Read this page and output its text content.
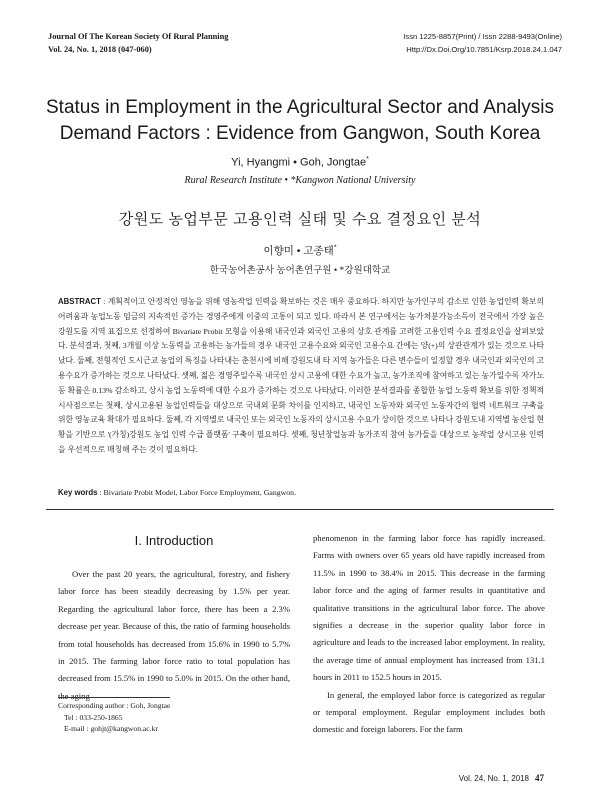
Journal Of The Korean Society Of Rural Planning
Vol. 24, No. 1, 2018 (047-060)
Issn 1225-8857(Print) / Issn 2288-9493(Online)
Http://Dx.Doi.Org/10.7851/Ksrp.2018.24.1.047
Status in Employment in the Agricultural Sector and Analysis
Demand Factors : Evidence from Gangwon, South Korea
Yi, Hyangmi • Goh, Jongtae*
Rural Research Institute • *Kangwon National University
강원도 농업부문 고용인력 실태 및 수요 결정요인 분석
이향미 • 고종태*
한국농어촌공사 농어촌연구원 • *강원대학교
ABSTRACT : 계획적이고 안정적인 영농을 위해 영농작업 인력을 확보하는 것은 매우 중요하다. 하지만 농가인구의 감소로 인한 농업인력 확보의 어려움과 농업노동 임금의 지속적인 증가는 경영주에게 이중의 고통이 되고 있다. 따라서 본 연구에서는 농가처분가능소득이 전국에서 가장 높은 강원도를 지역 표집으로 선정하여 Bivariate Probit 모형을 이용해 내국인과 외국인 고용의 상호 관계를 고려한 고용인력 수요 결정요인을 살펴보았다. 분석결과, 첫째, 3개월 이상 노동력을 고용하는 농가들의 경우 내국인 고용수요와 외국인 고용수요 간에는 양(+)의 상관관계가 있는 것으로 나타났다. 둘째, 전형적인 도시근교 농업의 특징을 나타내는 춘천시에 비해 강원도내 타 지역 농가들은 다른 변수들이 일정할 경우 내국인과 외국인의 고용수요가 증가하는 것으로 나타났다. 셋째, 젊은 경영주일수록 내국인 상시 고용에 대한 수요가 높고, 농가조직에 참여하고 있는 농가일수록 자가노동 확률은 0.13% 감소하고, 상시 농업 노동력에 대한 수요가 증가하는 것으로 나타났다. 이러한 분석결과를 종합한 농업 노동력 확보를 위한 정책적 시사점으로는 첫째, 상시고용된 농업인력들을 대상으로 국내외 문화 차이를 인지하고, 내국인 노동자와 외국인 노동자간의 협력 네트워크 구축을 위한 영농교육 확대가 필요하다. 둘째, 각 지역별로 내국인 또는 외국인 노동자의 상시고용 수요가 상이한 것으로 나타나 강원도내 지역별 농산업 현황을 기반으로 '(가칭)강원도 농업 인력 수급 플랫폼' 구축이 필요하다. 셋째, 청년창업농과 농가조직 참여 농가들을 대상으로 농작업 상시고용 인력을 우선적으로 매칭해 주는 것이 필요하다.
Key words : Bivariate Probit Model, Labor Force Employment, Gangwon.
I. Introduction

Over the past 20 years, the agricultural, forestry, and fishery labor force has been steadily decreasing by 1.5% per year. Regarding the agricultural labor force, there has been a 2.3% decrease per year. Because of this, the ratio of farming households from total households has decreased from 15.6% in 1990 to 5.7% in 2015. The farming labor force ratio to total population has decreased from 15.5% in 1990 to 5.0% in 2015. On the other hand, the aging

phenomenon in the farming labor force has rapidly increased. Farms with owners over 65 years old have rapidly increased from 11.5% in 1990 to 38.4% in 2015. This decrease in the farming labor force and the aging of farmer results in quantitative and qualitative transitions in the agricultural labor force. The above signifies a decrease in the superior quality labor force in agriculture and leads to the increased labor employment. In reality, the average time of annual employment has increased from 131.1 hours in 2011 to 152.5 hours in 2015.

In general, the employed labor force is categorized as regular or temporal employment. Regular employment includes both domestic and foreign laborers. For the farm

Corresponding author : Goh, Jongtae
Tel : 033-250-1865
E-mail : gohjt@kangwon.ac.kr
Vol. 24, No. 1, 2018 47
